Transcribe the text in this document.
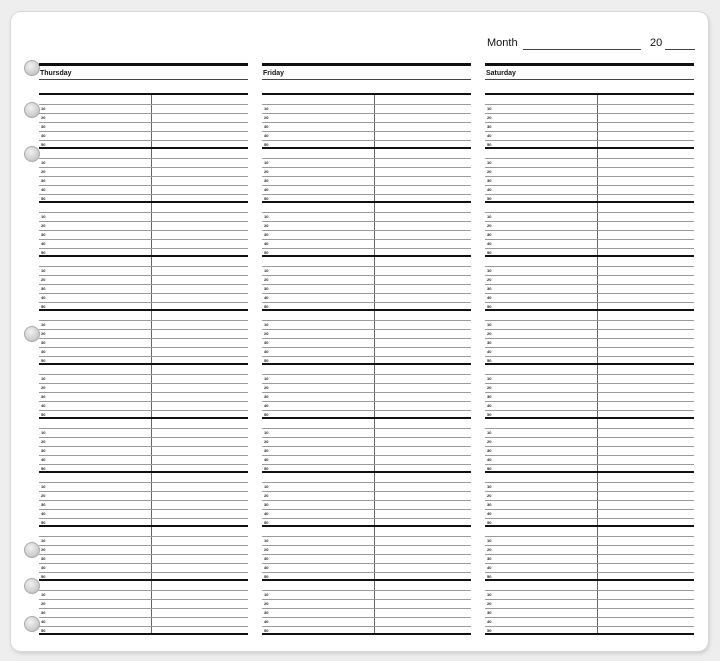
Month	20
Thursday
10
20
30
40
50
10
20
30
40
50
10
20
30
40
50
10
20
30
40
50
10
20
30
40
50
10
20
30
40
50
10
20
30
40
50
10
20
30
40
50
10
20
30
40
50
10
20
30
40
50
Friday
10
20
30
40
50
10
20
30
40
50
10
20
30
40
50
10
20
30
40
50
10
20
30
40
50
10
20
30
40
50
10
20
30
40
50
10
20
30
40
50
10
20
30
40
50
10
20
30
40
50
Saturday
10
20
30
40
50
10
20
30
40
50
10
20
30
40
50
10
20
30
40
50
10
20
30
40
50
10
20
30
40
50
10
20
30
40
50
10
20
30
40
50
10
20
30
40
50
10
20
30
40
50
